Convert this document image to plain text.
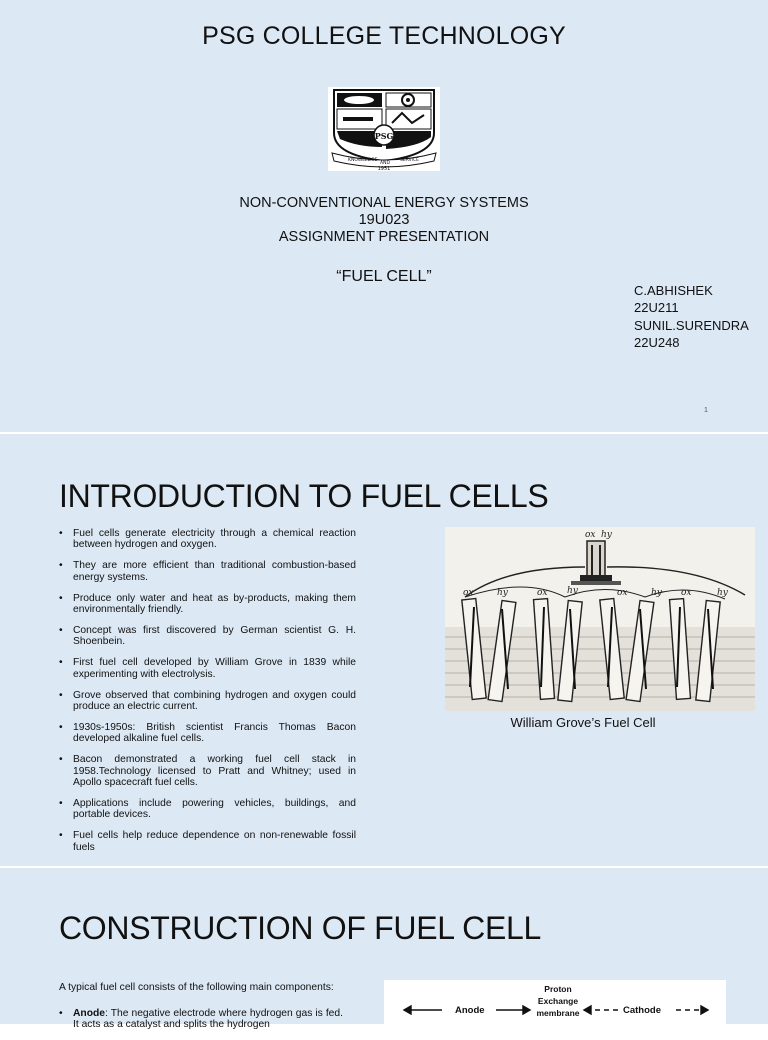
PSG COLLEGE TECHNOLOGY
PSG
KNOWLEDGE
AND
SERVICE
1951
NON-CONVENTIONAL ENERGY SYSTEMS
19U023
ASSIGNMENT PRESENTATION
“FUEL CELL”
C.ABHISHEK
22U211
SUNIL.SURENDRA
22U248
1
INTRODUCTION TO FUEL CELLS
• Fuel cells generate electricity through a chemical reaction between hydrogen and oxygen.
• They are more efficient than traditional combustion-based energy systems.
• Produce only water and heat as by-products, making them environmentally friendly.
• Concept was first discovered by German scientist G. H. Shoenbein.
• First fuel cell developed by William Grove in 1839 while experimenting with electrolysis.
• Grove observed that combining hydrogen and oxygen could produce an electric current.
• 1930s-1950s: British scientist Francis Thomas Bacon developed alkaline fuel cells.
• Bacon demonstrated a working fuel cell stack in 1958.Technology licensed to Pratt and Whitney; used in Apollo spacecraft fuel cells.
• Applications include powering vehicles, buildings, and portable devices.
• Fuel cells help reduce dependence on non-renewable fossil fuels
ox hy
ox	hy	ox hy	ox	hy ox	hy
William Grove’s Fuel Cell
CONSTRUCTION OF FUEL CELL
A typical fuel cell consists of the following main components:
• Anode: The negative electrode where hydrogen gas is fed. It acts as a catalyst and splits the hydrogen
Anode
Proton Exchange membrane	Cathode
